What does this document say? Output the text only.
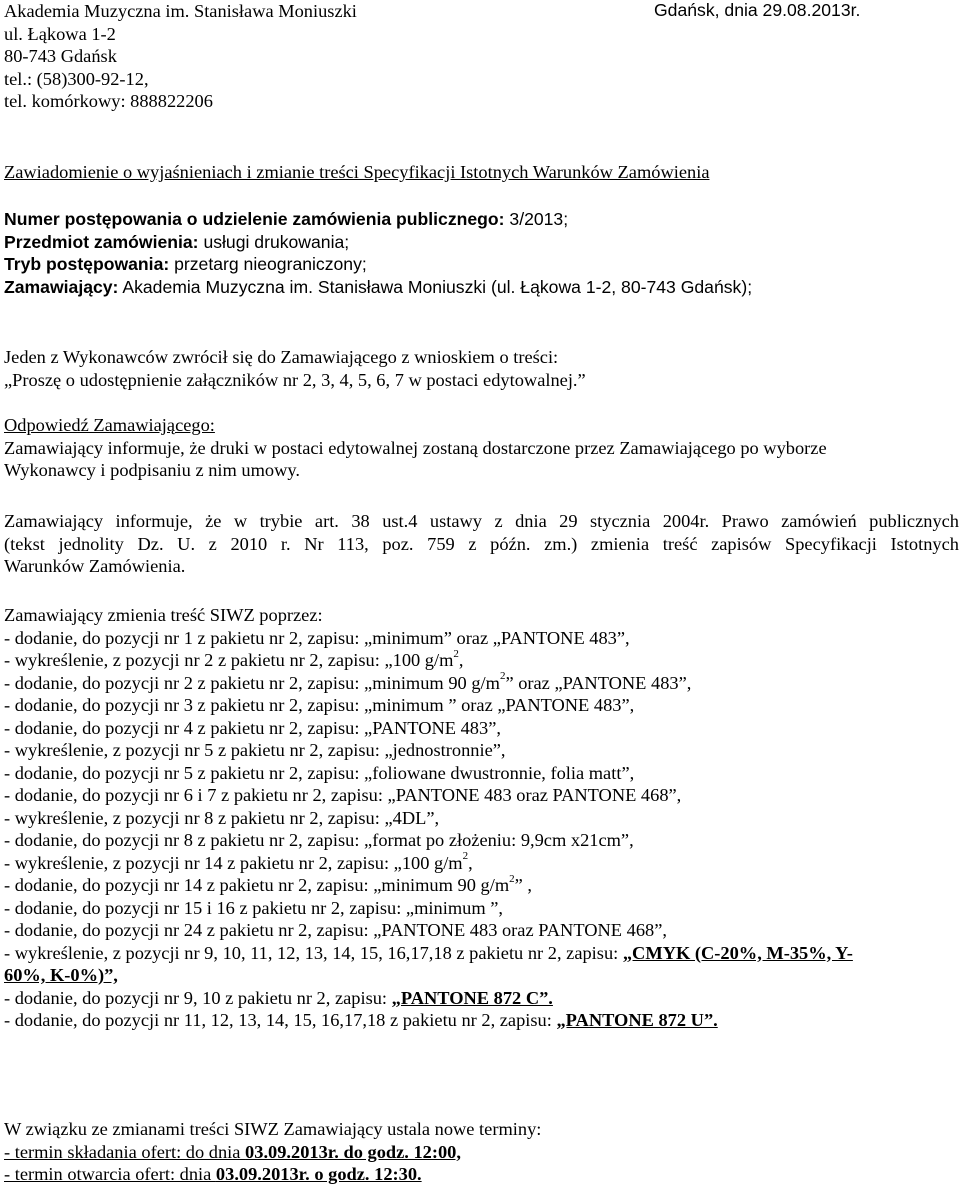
Akademia Muzyczna im. Stanisława Moniuszki
ul. Łąkowa 1-2
80-743 Gdańsk
tel.: (58)300-92-12,
tel. komórkowy: 888822206
Gdańsk, dnia 29.08.2013r.
Zawiadomienie o wyjaśnieniach i zmianie treści Specyfikacji Istotnych Warunków Zamówienia
Numer postępowania o udzielenie zamówienia publicznego: 3/2013;
Przedmiot zamówienia: usługi drukowania;
Tryb postępowania: przetarg nieograniczony;
Zamawiający: Akademia Muzyczna im. Stanisława Moniuszki (ul. Łąkowa 1-2, 80-743 Gdańsk);
Jeden z Wykonawców zwrócił się do Zamawiającego z wnioskiem o treści:
„Proszę o udostępnienie załączników nr 2, 3, 4, 5, 6, 7 w postaci edytowalnej.”
Odpowiedź Zamawiającego:
Zamawiający informuje, że druki w postaci edytowalnej zostaną dostarczone przez Zamawiającego po wyborze
Wykonawcy i podpisaniu z nim umowy.
Zamawiający informuje, że w trybie art. 38 ust.4 ustawy z dnia 29 stycznia 2004r. Prawo zamówień publicznych
(tekst jednolity Dz. U. z 2010 r. Nr 113, poz. 759 z późn. zm.) zmienia treść zapisów Specyfikacji Istotnych
Warunków Zamówienia.
Zamawiający zmienia treść SIWZ poprzez:
- dodanie, do pozycji nr 1 z pakietu nr 2, zapisu: „minimum” oraz „PANTONE 483”,
- wykreślenie, z pozycji nr 2 z pakietu nr 2, zapisu: „100 $g/m^2$,
- dodanie, do pozycji nr 2 z pakietu nr 2, zapisu: „minimum 90 $g/m^2$” oraz „PANTONE 483”,
- dodanie, do pozycji nr 3 z pakietu nr 2, zapisu: „minimum ” oraz „PANTONE 483”,
- dodanie, do pozycji nr 4 z pakietu nr 2, zapisu: „PANTONE 483”,
- wykreślenie, z pozycji nr 5 z pakietu nr 2, zapisu: „jednostronnie”,
- dodanie, do pozycji nr 5 z pakietu nr 2, zapisu: „foliowane dwustronnie, folia matt”,
- dodanie, do pozycji nr 6 i 7 z pakietu nr 2, zapisu: „PANTONE 483 oraz PANTONE 468”,
- wykreślenie, z pozycji nr 8 z pakietu nr 2, zapisu: „4DL”,
- dodanie, do pozycji nr 8 z pakietu nr 2, zapisu: „format po złożeniu: 9,9cm x21cm”,
- wykreślenie, z pozycji nr 14 z pakietu nr 2, zapisu: „100 $g/m^2$,
- dodanie, do pozycji nr 14 z pakietu nr 2, zapisu: „minimum 90 $g/m^2$” ,
- dodanie, do pozycji nr 15 i 16 z pakietu nr 2, zapisu: „minimum ”,
- dodanie, do pozycji nr 24 z pakietu nr 2, zapisu: „PANTONE 483 oraz PANTONE 468”,
- wykreślenie, z pozycji nr 9, 10, 11, 12, 13, 14, 15, 16,17,18 z pakietu nr 2, zapisu: „CMYK (C-20%, M-35%, Y-
60%, K-0%)”,
- dodanie, do pozycji nr 9, 10 z pakietu nr 2, zapisu: „PANTONE 872 C”.
- dodanie, do pozycji nr 11, 12, 13, 14, 15, 16,17,18 z pakietu nr 2, zapisu: „PANTONE 872 U”.
W związku ze zmianami treści SIWZ Zamawiający ustala nowe terminy:
- termin składania ofert: do dnia 03.09.2013r. do godz. 12:00,
- termin otwarcia ofert: dnia 03.09.2013r. o godz. 12:30.
